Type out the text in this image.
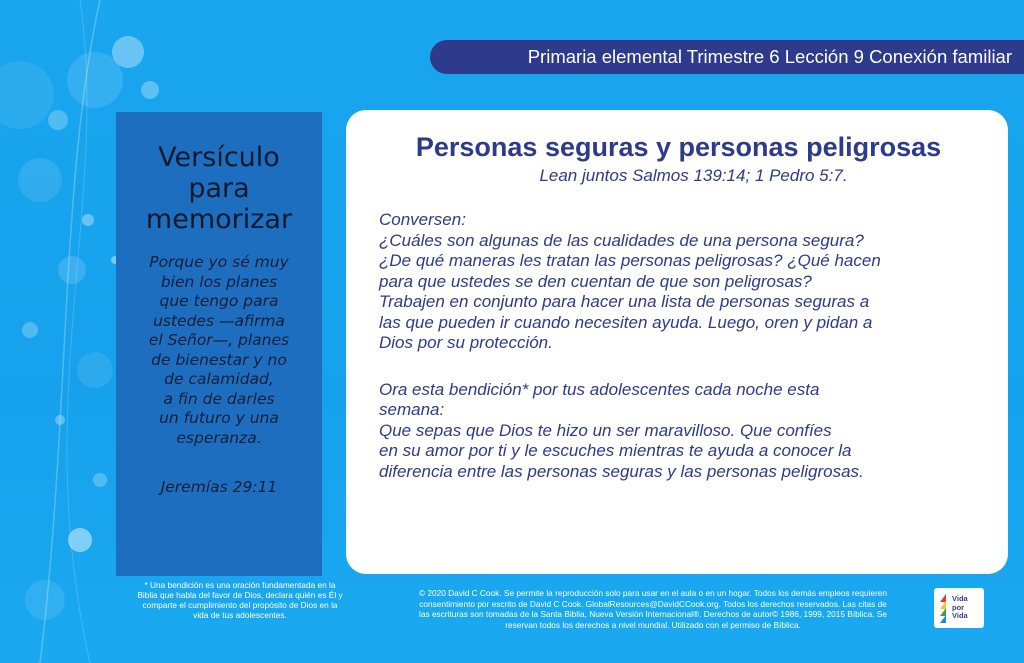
Primaria elemental Trimestre 6 Lección 9 Conexión familiar
Versículo
para
memorizar

Porque yo sé muy
bien los planes
que tengo para
ustedes —afirma
el Señor—, planes
de bienestar y no
de calamidad,
a fin de darles
un futuro y una
esperanza.

Jeremías 29:11
* Una bendición es una oración fundamentada en la
Biblia que habla del favor de Dios, declara quién es Él y
comparte el cumplimiento del propósito de Dios en la
vida de tus adolescentes.
Personas seguras y personas peligrosas
Lean juntos Salmos 139:14; 1 Pedro 5:7.

Conversen:
¿Cuáles son algunas de las cualidades de una persona segura?
¿De qué maneras les tratan las personas peligrosas? ¿Qué hacen
para que ustedes se den cuentan de que son peligrosas?
Trabajen en conjunto para hacer una lista de personas seguras a
las que pueden ir cuando necesiten ayuda. Luego, oren y pidan a
Dios por su protección.

Ora esta bendición* por tus adolescentes cada noche esta
semana:
Que sepas que Dios te hizo un ser maravilloso. Que confíes
en su amor por ti y le escuches mientras te ayuda a conocer la
diferencia entre las personas seguras y las personas peligrosas.

© 2020 David C Cook. Se permite la reproducción solo para usar en el aula o en un hogar. Todos los demás empleos requieren
consentimiento por escrito de David C Cook. GlobalResources@DavidCCook.org. Todos los derechos reservados. Las citas de
las escrituras son tomadas de la Santa Biblia, Nueva Versión Internacional®. Derechos de autor© 1986, 1999, 2015 Bíblica. Se
reservan todos los derechos a nivel mundial. Utilizado con el permiso de Bíblica.
Vida
por
Vida
